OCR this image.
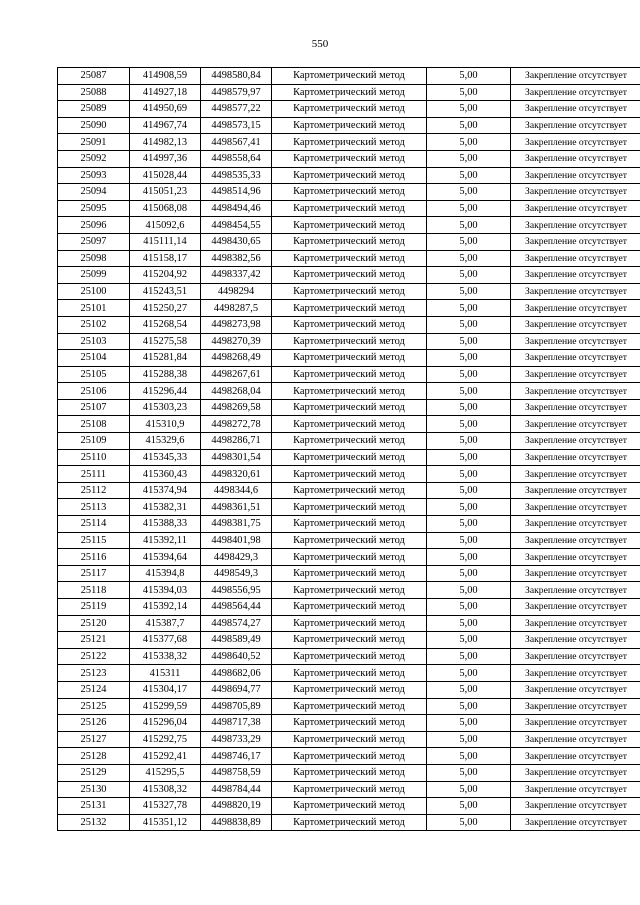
550
25087	414908,59	4498580,84	Картометрический метод	5,00	Закрепление отсутствует
25088	414927,18	4498579,97	Картометрический метод	5,00	Закрепление отсутствует
25089	414950,69	4498577,22	Картометрический метод	5,00	Закрепление отсутствует
25090	414967,74	4498573,15	Картометрический метод	5,00	Закрепление отсутствует
25091	414982,13	4498567,41	Картометрический метод	5,00	Закрепление отсутствует
25092	414997,36	4498558,64	Картометрический метод	5,00	Закрепление отсутствует
25093	415028,44	4498535,33	Картометрический метод	5,00	Закрепление отсутствует
25094	415051,23	4498514,96	Картометрический метод	5,00	Закрепление отсутствует
25095	415068,08	4498494,46	Картометрический метод	5,00	Закрепление отсутствует
25096	415092,6	4498454,55	Картометрический метод	5,00	Закрепление отсутствует
25097	415111,14	4498430,65	Картометрический метод	5,00	Закрепление отсутствует
25098	415158,17	4498382,56	Картометрический метод	5,00	Закрепление отсутствует
25099	415204,92	4498337,42	Картометрический метод	5,00	Закрепление отсутствует
25100	415243,51	4498294	Картометрический метод	5,00	Закрепление отсутствует
25101	415250,27	4498287,5	Картометрический метод	5,00	Закрепление отсутствует
25102	415268,54	4498273,98	Картометрический метод	5,00	Закрепление отсутствует
25103	415275,58	4498270,39	Картометрический метод	5,00	Закрепление отсутствует
25104	415281,84	4498268,49	Картометрический метод	5,00	Закрепление отсутствует
25105	415288,38	4498267,61	Картометрический метод	5,00	Закрепление отсутствует
25106	415296,44	4498268,04	Картометрический метод	5,00	Закрепление отсутствует
25107	415303,23	4498269,58	Картометрический метод	5,00	Закрепление отсутствует
25108	415310,9	4498272,78	Картометрический метод	5,00	Закрепление отсутствует
25109	415329,6	4498286,71	Картометрический метод	5,00	Закрепление отсутствует
25110	415345,33	4498301,54	Картометрический метод	5,00	Закрепление отсутствует
25111	415360,43	4498320,61	Картометрический метод	5,00	Закрепление отсутствует
25112	415374,94	4498344,6	Картометрический метод	5,00	Закрепление отсутствует
25113	415382,31	4498361,51	Картометрический метод	5,00	Закрепление отсутствует
25114	415388,33	4498381,75	Картометрический метод	5,00	Закрепление отсутствует
25115	415392,11	4498401,98	Картометрический метод	5,00	Закрепление отсутствует
25116	415394,64	4498429,3	Картометрический метод	5,00	Закрепление отсутствует
25117	415394,8	4498549,3	Картометрический метод	5,00	Закрепление отсутствует
25118	415394,03	4498556,95	Картометрический метод	5,00	Закрепление отсутствует
25119	415392,14	4498564,44	Картометрический метод	5,00	Закрепление отсутствует
25120	415387,7	4498574,27	Картометрический метод	5,00	Закрепление отсутствует
25121	415377,68	4498589,49	Картометрический метод	5,00	Закрепление отсутствует
25122	415338,32	4498640,52	Картометрический метод	5,00	Закрепление отсутствует
25123	415311	4498682,06	Картометрический метод	5,00	Закрепление отсутствует
25124	415304,17	4498694,77	Картометрический метод	5,00	Закрепление отсутствует
25125	415299,59	4498705,89	Картометрический метод	5,00	Закрепление отсутствует
25126	415296,04	4498717,38	Картометрический метод	5,00	Закрепление отсутствует
25127	415292,75	4498733,29	Картометрический метод	5,00	Закрепление отсутствует
25128	415292,41	4498746,17	Картометрический метод	5,00	Закрепление отсутствует
25129	415295,5	4498758,59	Картометрический метод	5,00	Закрепление отсутствует
25130	415308,32	4498784,44	Картометрический метод	5,00	Закрепление отсутствует
25131	415327,78	4498820,19	Картометрический метод	5,00	Закрепление отсутствует
25132	415351,12	4498838,89	Картометрический метод	5,00	Закрепление отсутствует
